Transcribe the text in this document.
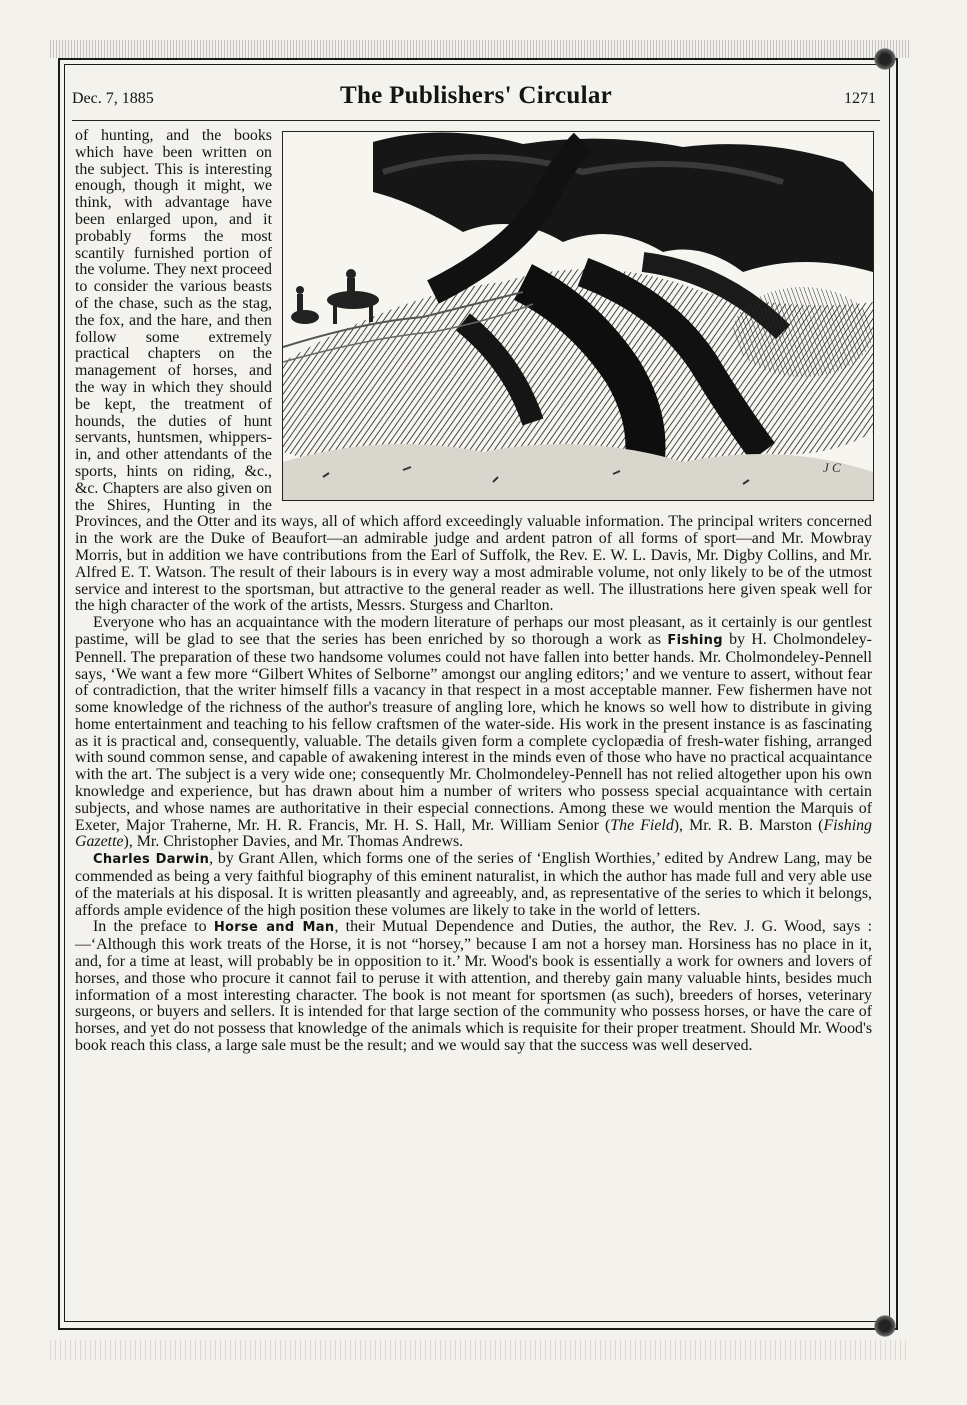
Dec. 7, 1885	The Publishers' Circular	1271
J C

of hunting, and the books which have been written on the subject. This is interesting enough, though it might, we think, with advantage have been enlarged upon, and it probably forms the most scantily furnished portion of the volume. They next proceed to consider the various beasts of the chase, such as the stag, the fox, and the hare, and then follow some extremely practical chapters on the management of horses, and the way in which they should be kept, the treatment of hounds, the duties of hunt servants, huntsmen, whippers-in, and other attendants of the sports, hints on riding, &c., &c. Chapters are also given on the Shires, Hunting in the Provinces, and the Otter and its ways, all of which afford exceedingly valuable information. The principal writers concerned in the work are the Duke of Beaufort—an admirable judge and ardent patron of all forms of sport—and Mr. Mowbray Morris, but in addition we have contributions from the Earl of Suffolk, the Rev. E. W. L. Davis, Mr. Digby Collins, and Mr. Alfred E. T. Watson. The result of their labours is in every way a most admirable volume, not only likely to be of the utmost service and interest to the sportsman, but attractive to the general reader as well. The illustrations here given speak well for the high character of the work of the artists, Messrs. Sturgess and Charlton.

Everyone who has an acquaintance with the modern literature of perhaps our most pleasant, as it certainly is our gentlest pastime, will be glad to see that the series has been enriched by so thorough a work as Fishing by H. Cholmondeley-Pennell. The preparation of these two handsome volumes could not have fallen into better hands. Mr. Cholmondeley-Pennell says, ‘We want a few more “Gilbert Whites of Selborne” amongst our angling editors;’ and we venture to assert, without fear of contradiction, that the writer himself fills a vacancy in that respect in a most acceptable manner. Few fishermen have not some knowledge of the richness of the author's treasure of angling lore, which he knows so well how to distribute in giving home entertainment and teaching to his fellow craftsmen of the water-side. His work in the present instance is as fascinating as it is practical and, consequently, valuable. The details given form a complete cyclopædia of fresh-water fishing, arranged with sound common sense, and capable of awakening interest in the minds even of those who have no practical acquaintance with the art. The subject is a very wide one; consequently Mr. Cholmondeley-Pennell has not relied altogether upon his own knowledge and experience, but has drawn about him a number of writers who possess special acquaintance with certain subjects, and whose names are authoritative in their especial connections. Among these we would mention the Marquis of Exeter, Major Traherne, Mr. H. R. Francis, Mr. H. S. Hall, Mr. William Senior (The Field), Mr. R. B. Marston (Fishing Gazette), Mr. Christopher Davies, and Mr. Thomas Andrews.

Charles Darwin, by Grant Allen, which forms one of the series of ‘English Worthies,’ edited by Andrew Lang, may be commended as being a very faithful biography of this eminent naturalist, in which the author has made full and very able use of the materials at his disposal. It is written pleasantly and agreeably, and, as representative of the series to which it belongs, affords ample evidence of the high position these volumes are likely to take in the world of letters.

In the preface to Horse and Man, their Mutual Dependence and Duties, the author, the Rev. J. G. Wood, says :—‘Although this work treats of the Horse, it is not “horsey,” because I am not a horsey man. Horsiness has no place in it, and, for a time at least, will probably be in opposition to it.’ Mr. Wood's book is essentially a work for owners and lovers of horses, and those who procure it cannot fail to peruse it with attention, and thereby gain many valuable hints, besides much information of a most interesting character. The book is not meant for sportsmen (as such), breeders of horses, veterinary surgeons, or buyers and sellers. It is intended for that large section of the community who possess horses, or have the care of horses, and yet do not possess that knowledge of the animals which is requisite for their proper treatment. Should Mr. Wood's book reach this class, a large sale must be the result; and we would say that the success was well deserved.
